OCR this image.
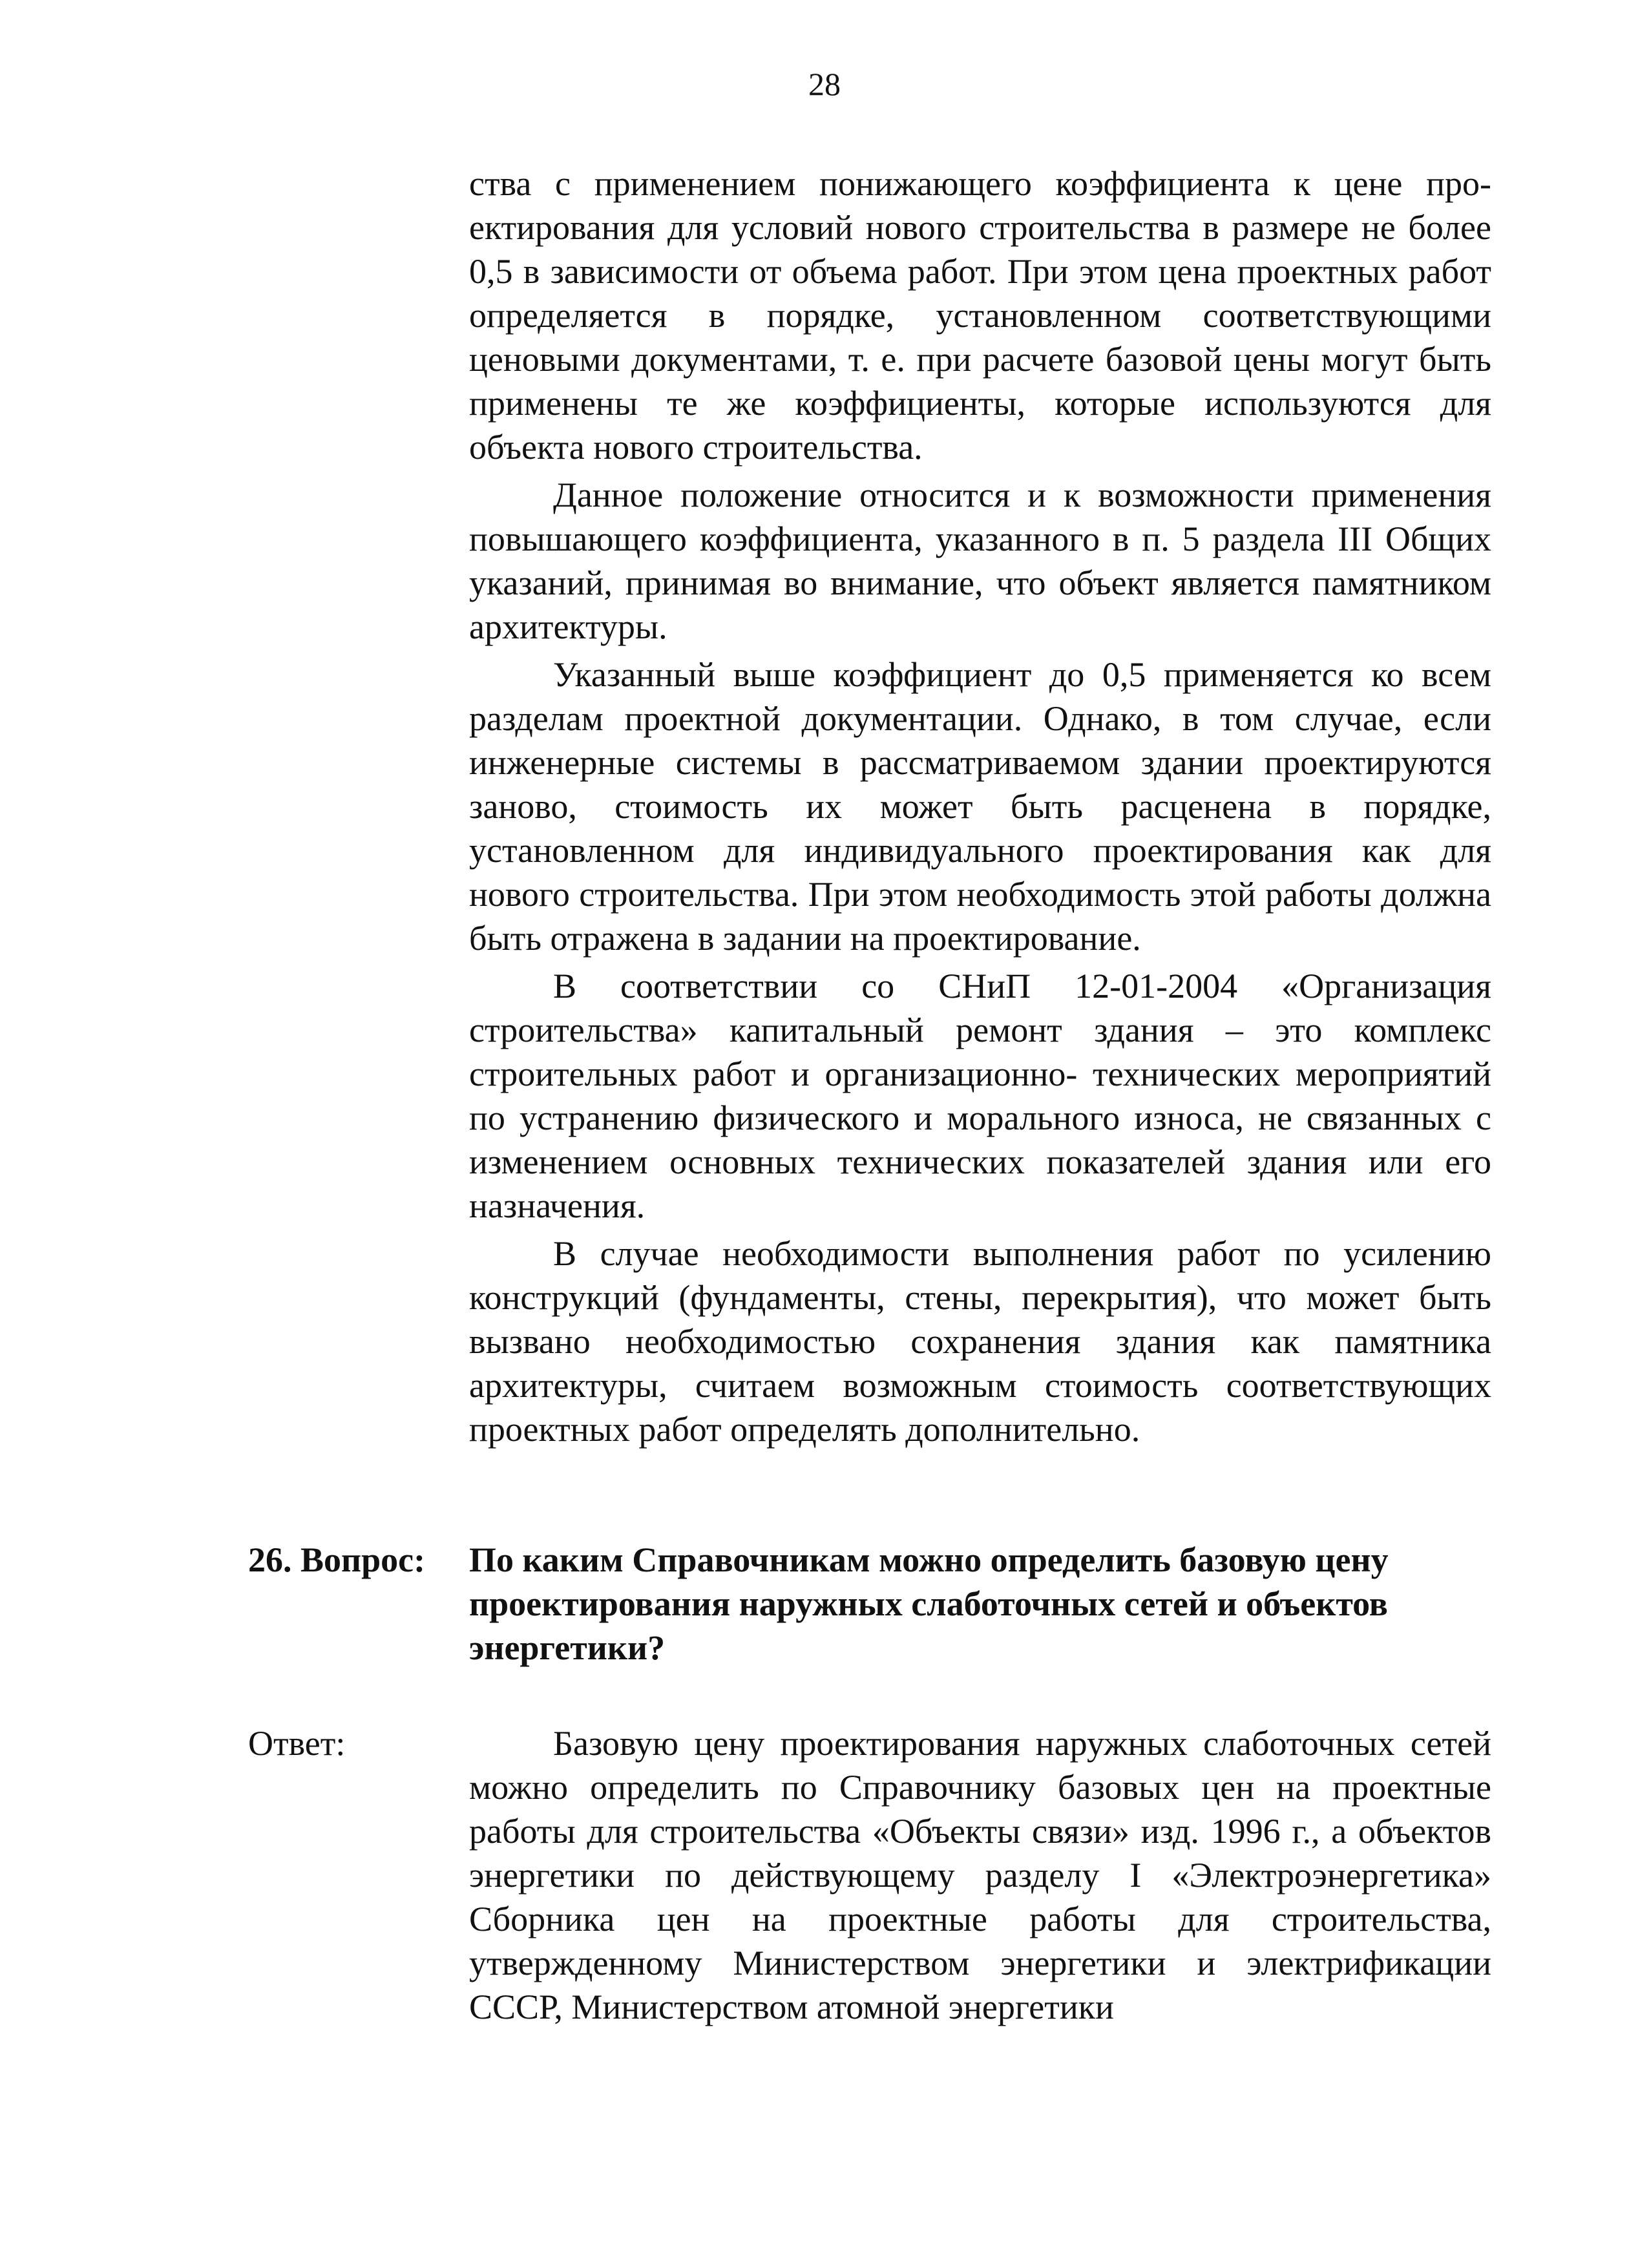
28

ства с применением понижающего коэффициента к цене проектирования для условий нового строительства в размере не более 0,5 в зависимости от объема работ. При этом цена проектных работ определяется в порядке, установленном соответствующими ценовыми документами, т. е. при расчете базовой цены могут быть применены те же коэффициенты, которые используются для объекта нового строительства.

Данное положение относится и к возможности применения повышающего коэффициента, указанного в п. 5 раздела III Общих указаний, принимая во внимание, что объект является памятником архитектуры.

Указанный выше коэффициент до 0,5 применяется ко всем разделам проектной документации. Однако, в том случае, если инженерные системы в рассматриваемом здании проектируются заново, стоимость их может быть расценена в порядке, установленном для индивидуального проектирования как для нового строительства. При этом необходимость этой работы должна быть отражена в задании на проектирование.

В соответствии со СНиП 12-01-2004 «Организация строительства» капитальный ремонт здания – это комплекс строительных работ и организационно- технических мероприятий по устранению физического и морального износа, не связанных с изменением основных технических показателей здания или его назначения.

В случае необходимости выполнения работ по усилению конструкций (фундаменты, стены, перекрытия), что может быть вызвано необходимостью сохранения здания как памятника архитектуры, считаем возможным стоимость соответствующих проектных работ определять дополнительно.

26. Вопрос: По каким Справочникам можно определить базовую цену проектирования наружных слаботочных сетей и объектов энергетики?
Ответ:	Базовую цену проектирования наружных слаботочных сетей можно определить по Справочнику базовых цен на проектные работы для строительства «Объекты связи» изд. 1996 г., а объектов энергетики по действующему разделу I «Электроэнергетика» Сборника цен на проектные работы для строительства, утвержденному Министерством энергетики и электрификации СССР, Министерством атомной энергетики
